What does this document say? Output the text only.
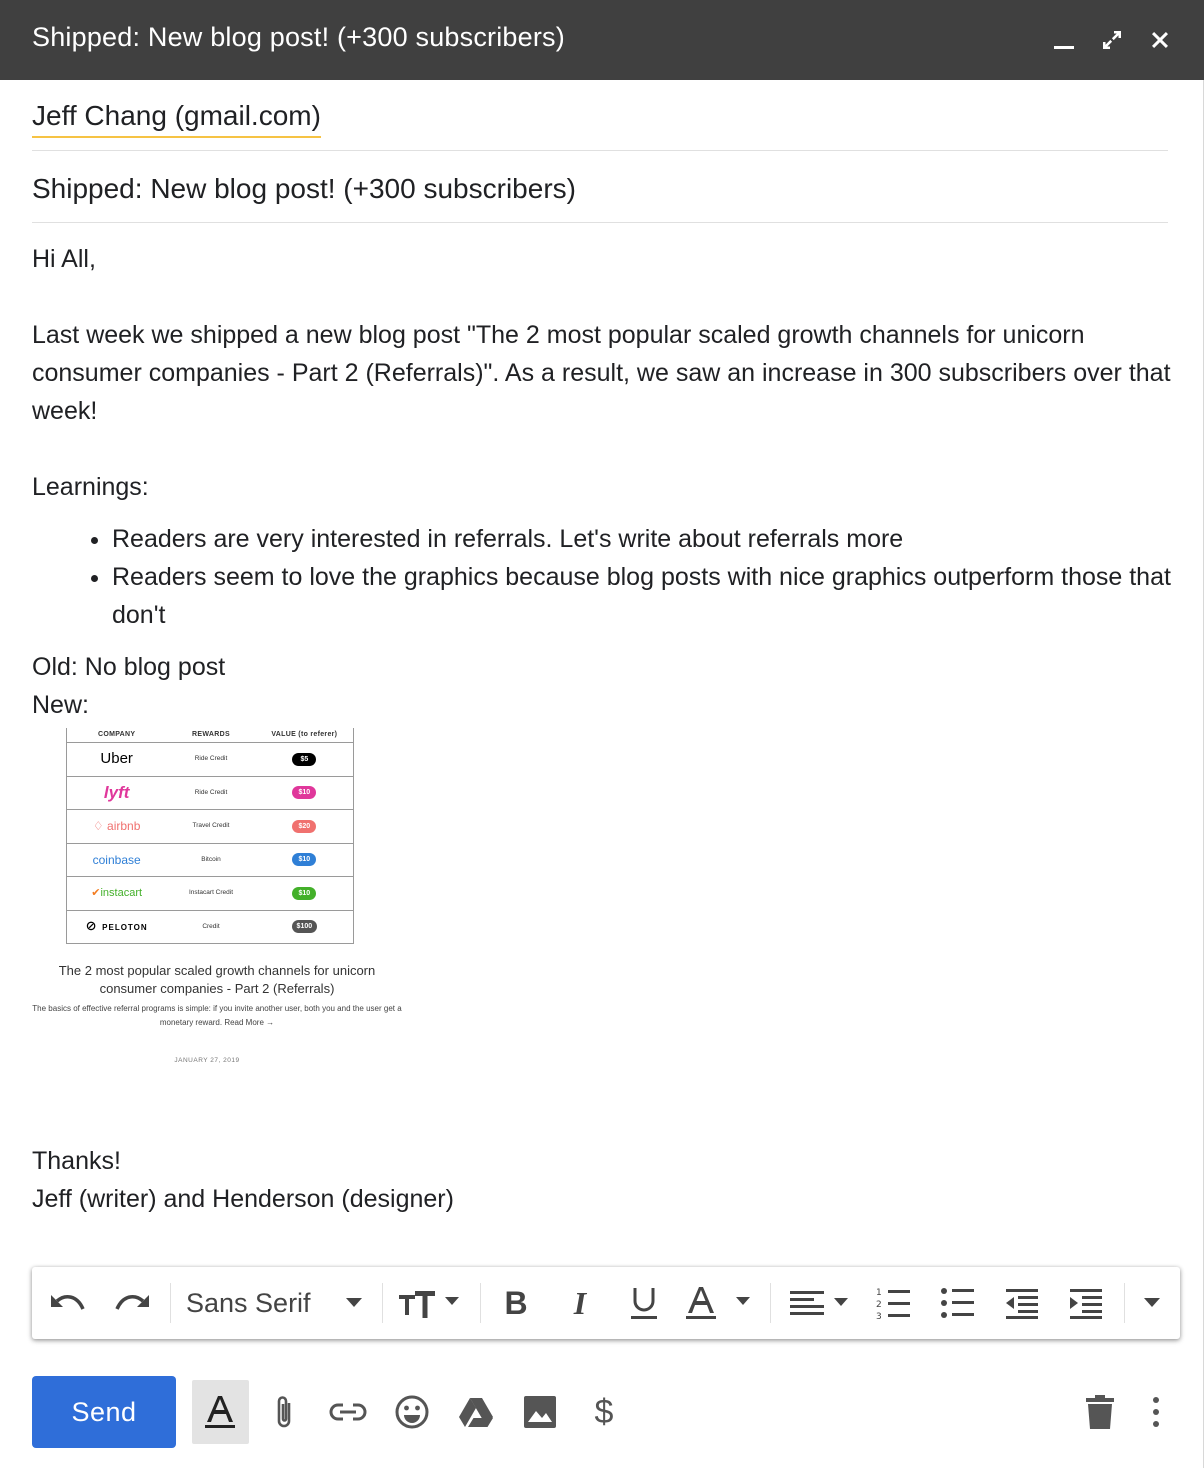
Shipped: New blog post! (+300 subscribers)
Jeff Chang (gmail.com)
Shipped: New blog post! (+300 subscribers)

Hi All,

Last week we shipped a new blog post "The 2 most popular scaled growth channels for unicorn consumer companies - Part 2 (Referrals)". As a result, we saw an increase in 300 subscribers over that week!

Learnings:

• Readers are very interested in referrals. Let's write about referrals more
• Readers seem to love the graphics because blog posts with nice graphics outperform those that don't

Old: No blog post

New:

COMPANY	REWARDS	VALUE (to referer)
Uber	Ride Credit	$5
lyft	Ride Credit	$10
♢ airbnb	Travel Credit	$20
coinbase	Bitcoin	$10
✔instacart	Instacart Credit	$10
⊘ PELOTON	Credit	$100
The 2 most popular scaled growth channels for unicorn consumer companies - Part 2 (Referrals)
The basics of effective referral programs is simple: if you invite another user, both you and the user get a monetary reward. Read More →
JANUARY 27, 2019

Thanks!

Jeff (writer) and Henderson (designer)

Sans Serif	B I	1
2
3
Send	$
